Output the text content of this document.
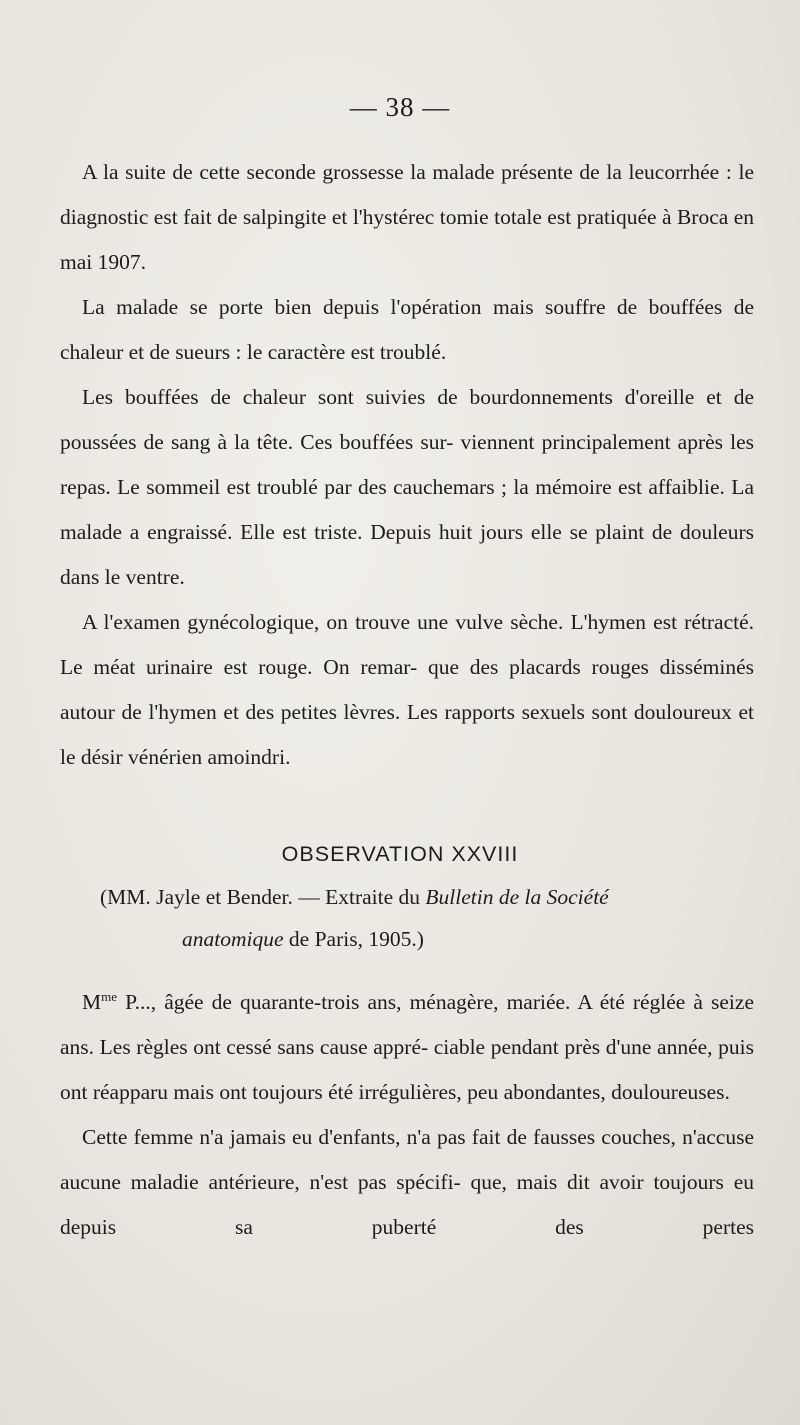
— 38 —

A la suite de cette seconde grossesse la malade présente de la leucorrhée : le diagnostic est fait de salpingite et l'hystérec tomie totale est pratiquée à Broca en mai 1907.

La malade se porte bien depuis l'opération mais souffre de bouffées de chaleur et de sueurs : le caractère est troublé.

Les bouffées de chaleur sont suivies de bourdonnements d'oreille et de poussées de sang à la tête. Ces bouffées sur- viennent principalement après les repas. Le sommeil est troublé par des cauchemars ; la mémoire est affaiblie. La malade a engraissé. Elle est triste. Depuis huit jours elle se plaint de douleurs dans le ventre.

A l'examen gynécologique, on trouve une vulve sèche. L'hymen est rétracté. Le méat urinaire est rouge. On remar- que des placards rouges disséminés autour de l'hymen et des petites lèvres. Les rapports sexuels sont douloureux et le désir vénérien amoindri.

OBSERVATION XXVIII
(MM. Jayle et Bender. — Extraite du Bulletin de la Société
anatomique de Paris, 1905.)

$M^{me}$ P..., âgée de quarante-trois ans, ménagère, mariée. A été réglée à seize ans. Les règles ont cessé sans cause appré- ciable pendant près d'une année, puis ont réapparu mais ont toujours été irrégulières, peu abondantes, douloureuses.

Cette femme n'a jamais eu d'enfants, n'a pas fait de fausses couches, n'accuse aucune maladie antérieure, n'est pas spécifi- que, mais dit avoir toujours eu depuis sa puberté des pertes
